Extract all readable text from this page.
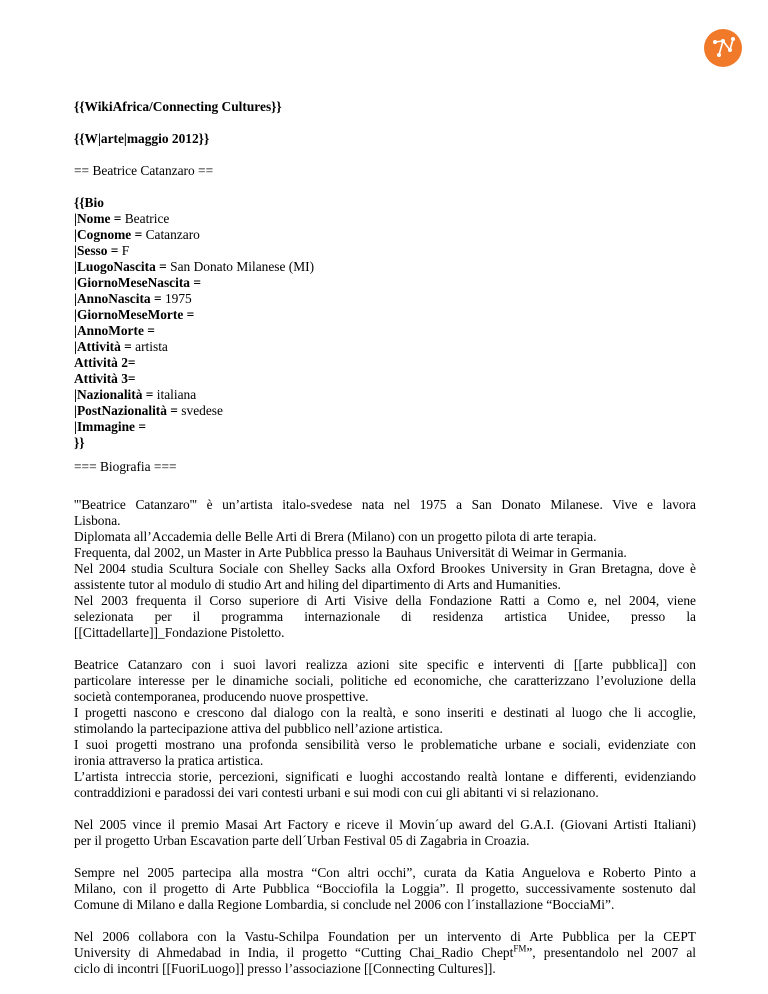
{{WikiAfrica/Connecting Cultures}}
{{W|arte|maggio 2012}}
== Beatrice Catanzaro ==
{{Bio
|Nome = Beatrice
|Cognome = Catanzaro
|Sesso = F
|LuogoNascita = San Donato Milanese (MI)
|GiornoMeseNascita =
|AnnoNascita = 1975
|GiornoMeseMorte =
|AnnoMorte =
|Attività = artista
Attività 2=
Attività 3=
|Nazionalità = italiana
|PostNazionalità = svedese
|Immagine =
}}
=== Biografia ===
'''Beatrice Catanzaro''' è un’artista italo-svedese nata nel 1975 a San Donato Milanese. Vive e lavora
Lisbona.
Diplomata all’Accademia delle Belle Arti di Brera (Milano) con un progetto pilota di arte terapia.
Frequenta, dal 2002, un Master in Arte Pubblica presso la Bauhaus Universität di Weimar in Germania.
Nel 2004 studia Scultura Sociale con Shelley Sacks alla Oxford Brookes University in Gran Bretagna, dove è
assistente tutor al modulo di studio Art and hiling del dipartimento di Arts and Humanities.
Nel 2003 frequenta il Corso superiore di Arti Visive della Fondazione Ratti a Como e, nel 2004, viene
selezionata per il programma internazionale di residenza artistica Unidee, presso la
[[Cittadellarte]]_Fondazione Pistoletto.
Beatrice Catanzaro con i suoi lavori realizza azioni site specific e interventi di [[arte pubblica]] con
particolare interesse per le dinamiche sociali, politiche ed economiche, che caratterizzano l’evoluzione della
società contemporanea, producendo nuove prospettive.
I progetti nascono e crescono dal dialogo con la realtà, e sono inseriti e destinati al luogo che li accoglie,
stimolando la partecipazione attiva del pubblico nell’azione artistica.
I suoi progetti mostrano una profonda sensibilità verso le problematiche urbane e sociali, evidenziate con
ironia attraverso la pratica artistica.
L’artista intreccia storie, percezioni, significati e luoghi accostando realtà lontane e differenti, evidenziando
contraddizioni e paradossi dei vari contesti urbani e sui modi con cui gli abitanti vi si relazionano.
Nel 2005 vince il premio Masai Art Factory e riceve il Movin´up award del G.A.I. (Giovani Artisti Italiani)
per il progetto Urban Escavation parte dell´Urban Festival 05 di Zagabria in Croazia.
Sempre nel 2005 partecipa alla mostra “Con altri occhi”, curata da Katia Anguelova e Roberto Pinto a
Milano, con il progetto di Arte Pubblica “Bocciofila la Loggia”. Il progetto, successivamente sostenuto dal
Comune di Milano e dalla Regione Lombardia, si conclude nel 2006 con l´installazione “BocciaMi”.
Nel 2006 collabora con la Vastu-Schilpa Foundation per un intervento di Arte Pubblica per la CEPT
University di Ahmedabad in India, il progetto “Cutting Chai_Radio Chept$^{FM}$”, presentandolo nel 2007 al
ciclo di incontri [[FuoriLuogo]] presso l’associazione [[Connecting Cultures]].
